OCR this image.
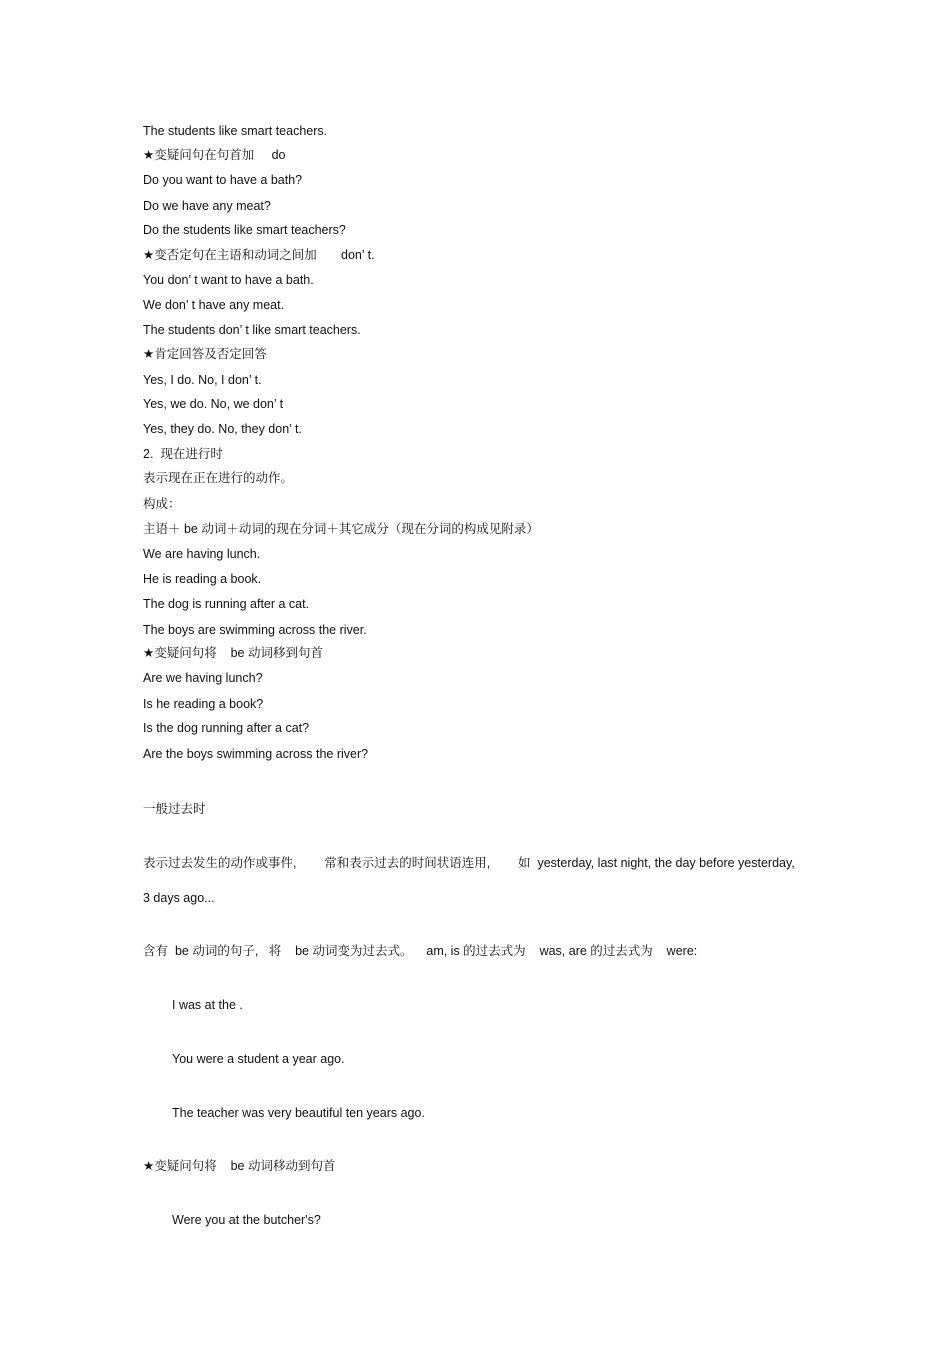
The students like smart teachers.
★变疑问句在句首加     do
Do you want to have a bath?
Do we have any meat?
Do the students like smart teachers?
★变否定句在主语和动词之间加       don’ t.
You don’ t want to have a bath.
We don’ t have any meat.
The students don’ t like smart teachers.
★肯定回答及否定回答
Yes, I do. No, I don’ t.
Yes, we do. No, we don’ t
Yes, they do. No, they don’ t.
2.  现在进行时
表示现在正在进行的动作。
构成：
主语＋ be 动词＋动词的现在分词＋其它成分（现在分词的构成见附录）
We are having lunch.
He is reading a book.
The dog is running after a cat.
The boys are swimming across the river.
★变疑问句将    be 动词移到句首
Are we having lunch?
Is he reading a book?
Is the dog running after a cat?
Are the boys swimming across the river?
一般过去时
表示过去发生的动作或事件,        常和表示过去的时间状语连用,        如  yesterday, last night, the day before yesterday,
3 days ago...
含有  be 动词的句子,   将    be 动词变为过去式。    am, is 的过去式为    was, are 的过去式为    were:
I was at the .
You were a student a year ago.
The teacher was very beautiful ten years ago.
★变疑问句将    be 动词移动到句首
Were you at the butcher's?
